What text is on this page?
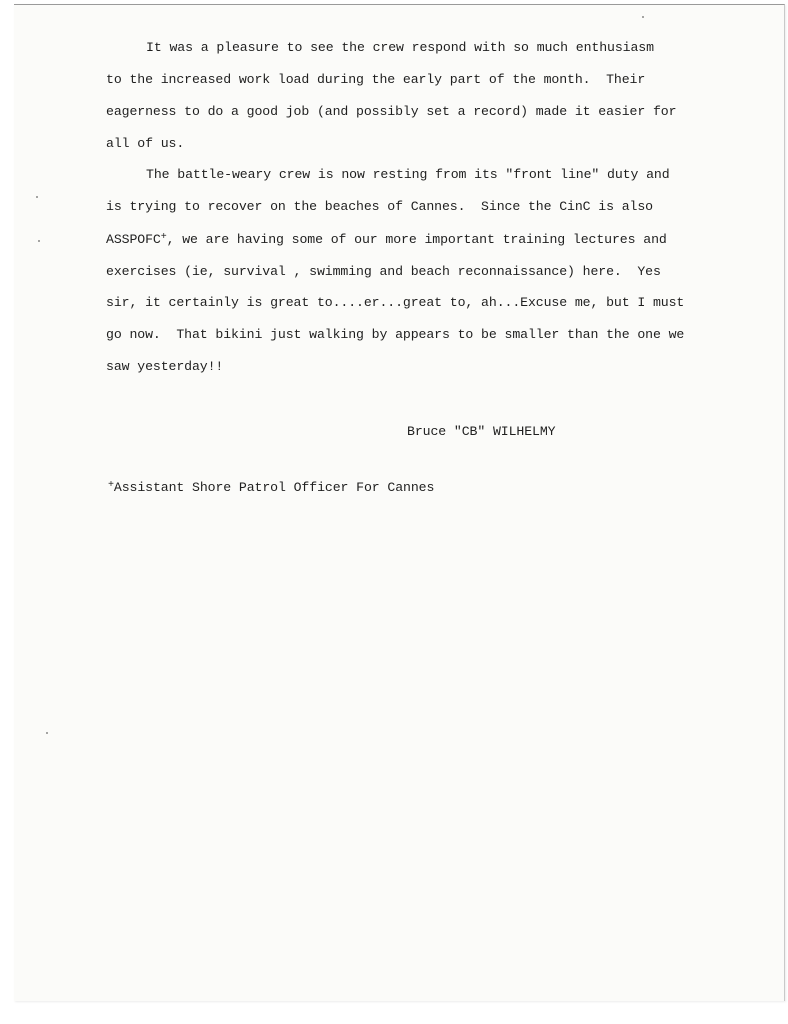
It was a pleasure to see the crew respond with so much enthusiasm

to the increased work load during the early part of the month.  Their

eagerness to do a good job (and possibly set a record) made it easier for

all of us.

The battle-weary crew is now resting from its "front line" duty and

is trying to recover on the beaches of Cannes.  Since the CinC is also

ASSPOFC+, we are having some of our more important training lectures and

exercises (ie, survival , swimming and beach reconnaissance) here.  Yes

sir, it certainly is great to....er...great to, ah...Excuse me, but I must

go now.  That bikini just walking by appears to be smaller than the one we

saw yesterday!!

Bruce "CB" WILHELMY

+Assistant Shore Patrol Officer For Cannes
